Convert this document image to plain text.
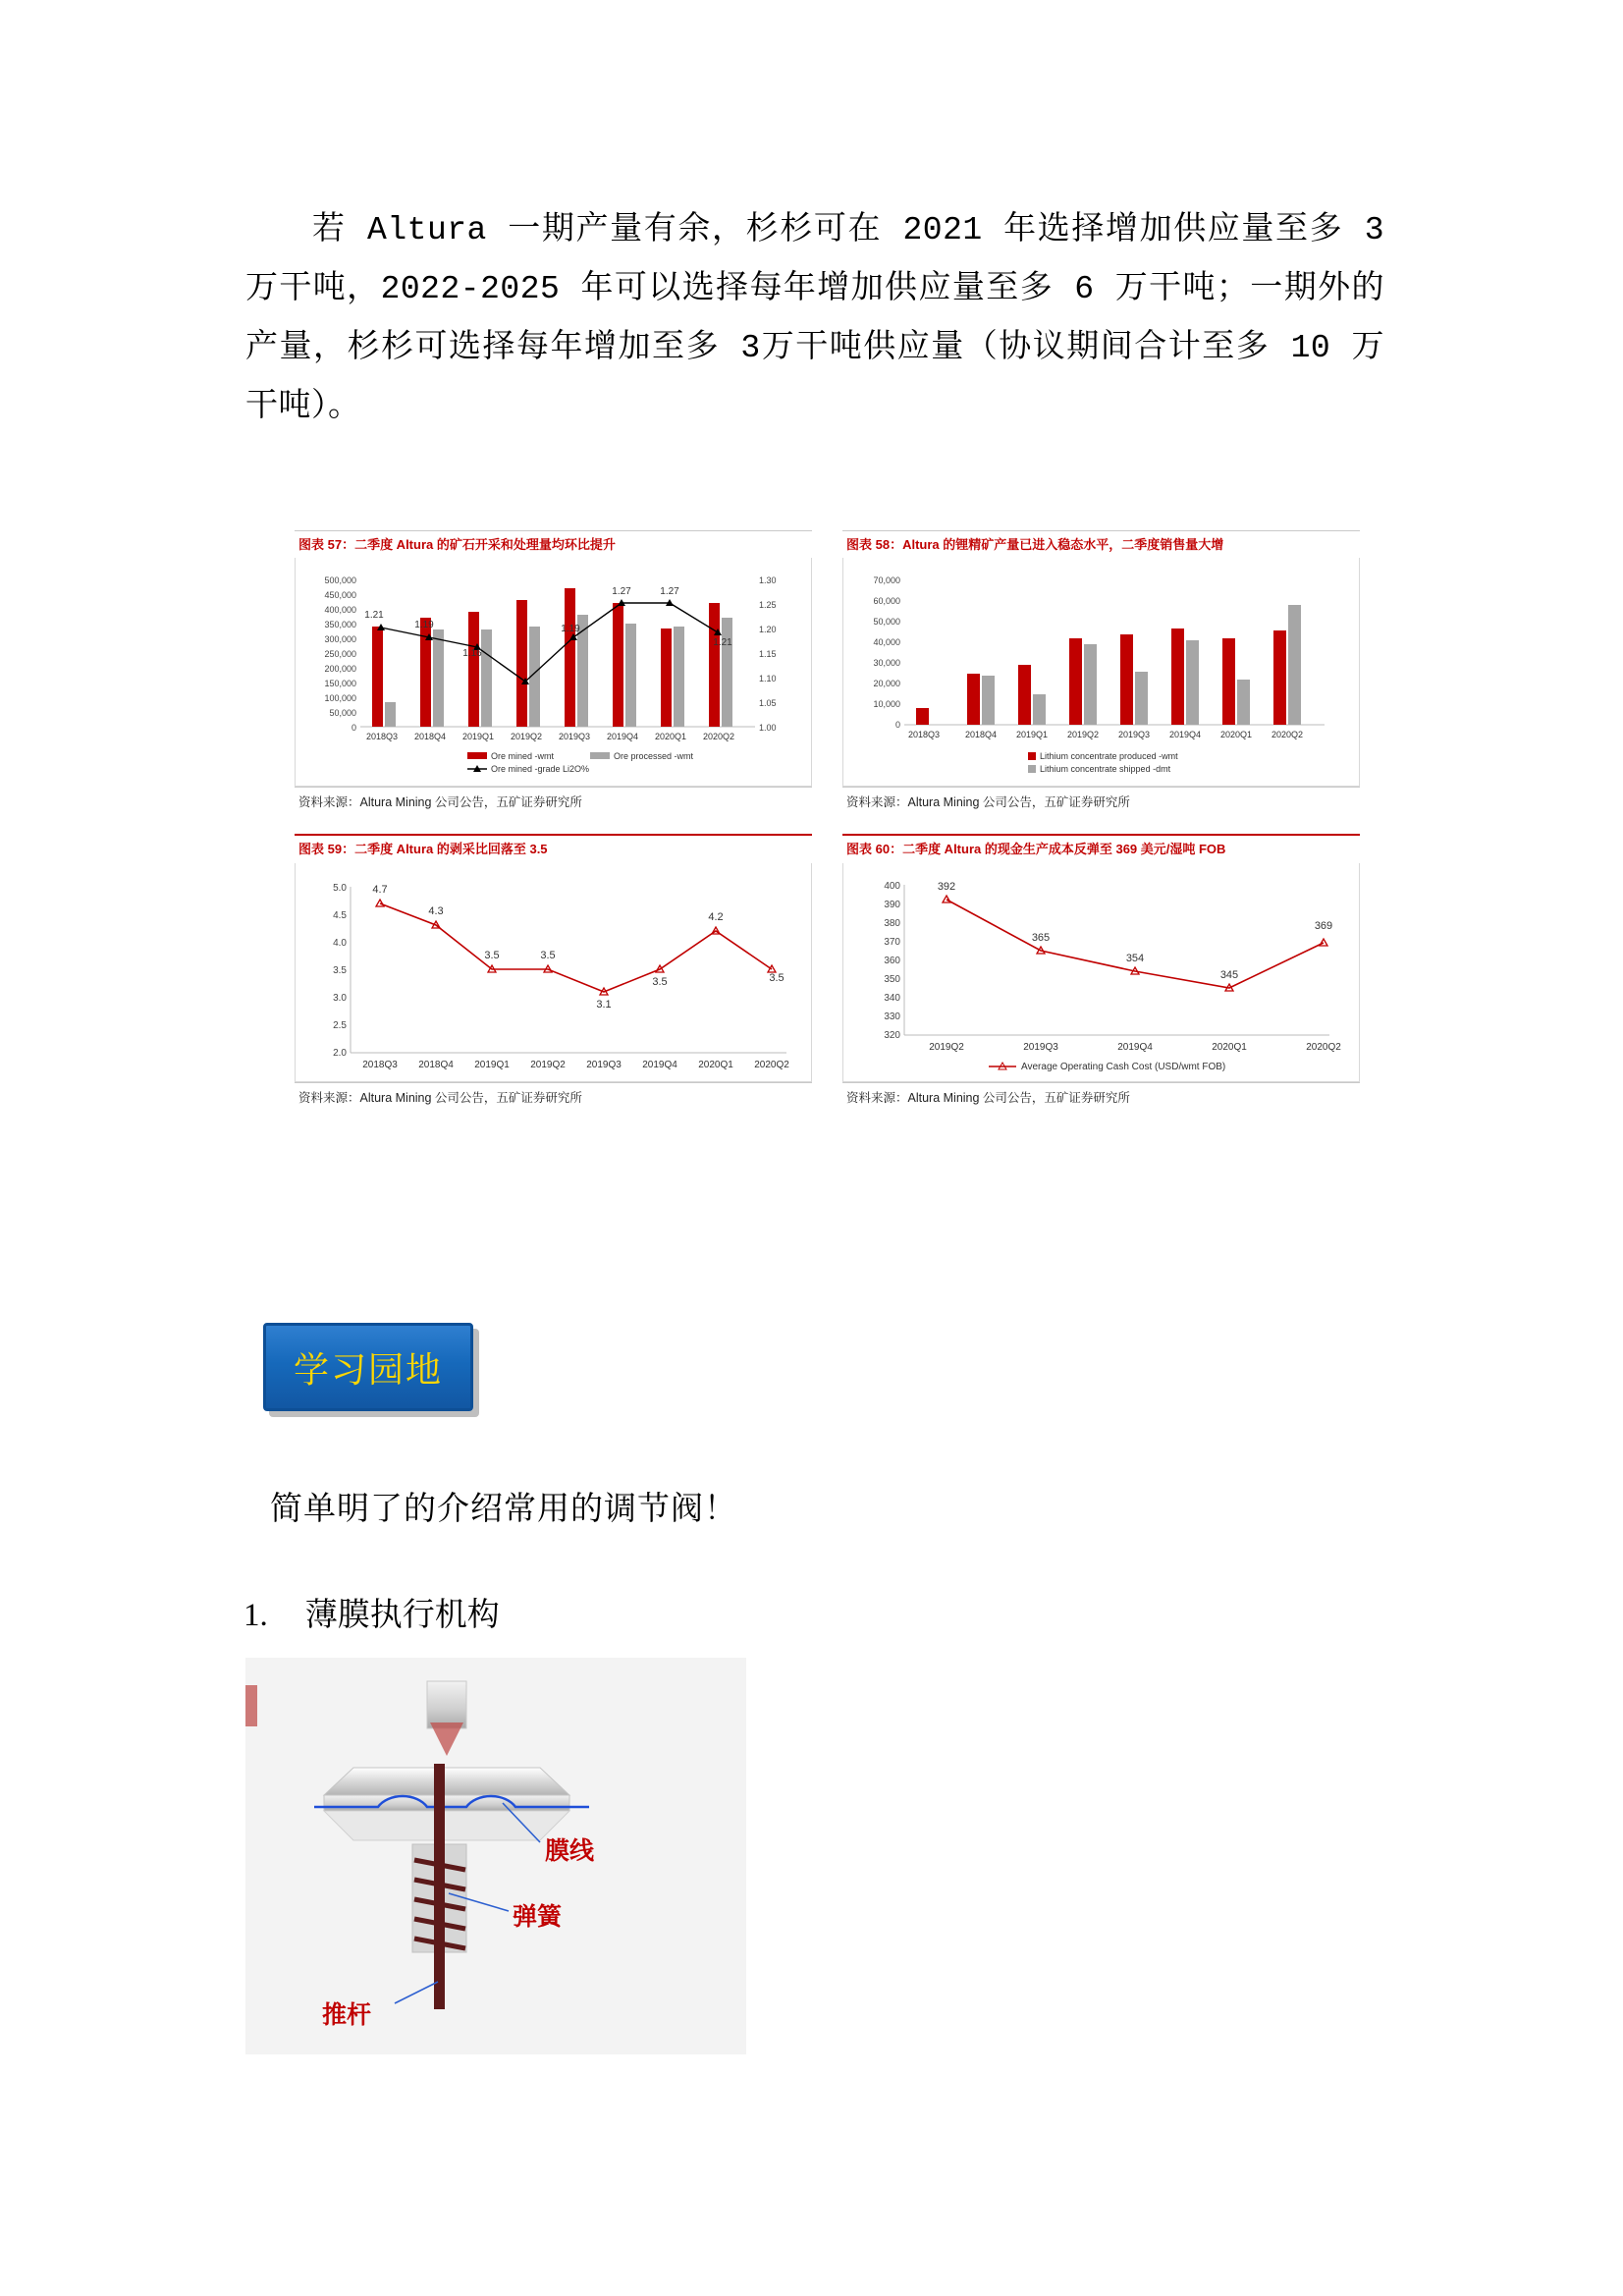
若 Altura 一期产量有余，杉杉可在 2021 年选择增加供应量至多 3 万干吨，2022-2025 年可以选择每年增加供应量至多 6 万干吨；一期外的产量，杉杉可选择每年增加至多 3万干吨供应量（协议期间合计至多 10 万干吨）。
图表 57：二季度 Altura 的矿石开采和处理量均环比提升
500,000
450,000
400,000
350,000
300,000
250,000
200,000
150,000
100,000
50,000
0
1.30
1.25
1.20
1.15
1.10
1.05
1.00
1.21
1.19
1.16
1.19
1.27	1.27
1.21
2018Q3 2018Q4 2019Q1 2019Q2 2019Q3 2019Q4 2020Q1 2020Q2
Ore mined -wmt	Ore processed -wmt
Ore mined -grade Li2O%
资料来源：Altura Mining 公司公告，五矿证券研究所
图表 58：Altura 的锂精矿产量已进入稳态水平，二季度销售量大增
70,000
60,000
50,000
40,000
30,000
20,000
10,000
0
2018Q3	2018Q4 2019Q1 2019Q2 2019Q3 2019Q4 2020Q1 2020Q2
Lithium concentrate produced -wmt
Lithium concentrate shipped -dmt
资料来源：Altura Mining 公司公告，五矿证券研究所
图表 59：二季度 Altura 的剥采比回落至 3.5
5.0
4.5
4.0
3.5
3.0
2.5
2.0
4.7
4.3
3.5	3.5
3.1
3.5
4.2
3.5
2018Q3 2018Q4 2019Q1 2019Q2 2019Q3 2019Q4 2020Q1 2020Q2
资料来源：Altura Mining 公司公告，五矿证券研究所
图表 60：二季度 Altura 的现金生产成本反弹至 369 美元/湿吨 FOB
400
390
380
370
360
350
340
330
320
392
365
354
345
369
2019Q2	2019Q3	2019Q4	2020Q1	2020Q2
Average Operating Cash Cost (USD/wmt FOB)
资料来源：Altura Mining 公司公告，五矿证券研究所
学习园地
简单明了的介绍常用的调节阀！
1. 薄膜执行机构
膜线
弹簧
推杆
